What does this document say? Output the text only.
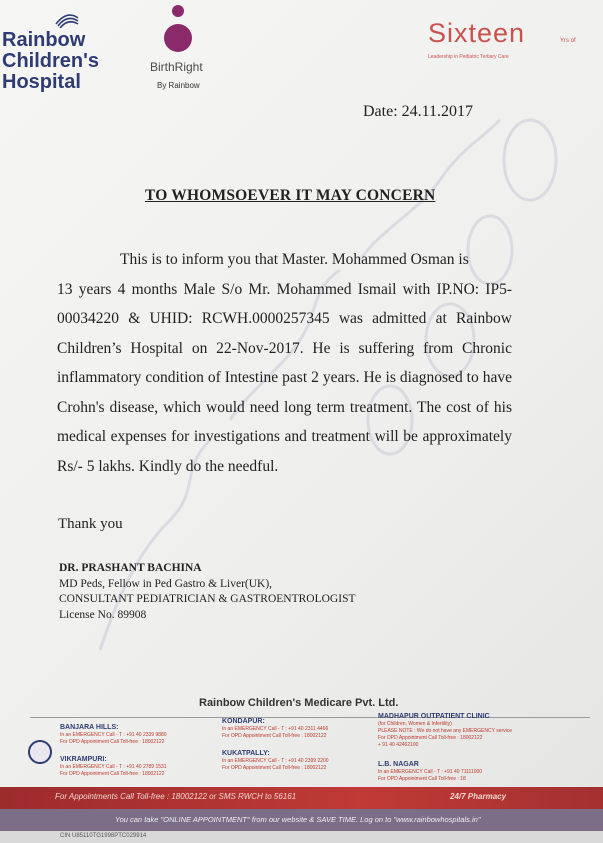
Rainbow
Children's
Hospital
BirthRight
By Rainbow
Sixteen	Yrs of
Leadership in Pediatric Tertiary Care
Date: 24.11.2017
TO WHOMSOEVER IT MAY CONCERN
This is to inform you that Master. Mohammed Osman is
13 years 4 months Male S/o Mr. Mohammed Ismail with IP.NO: IP5-00034220 & UHID: RCWH.0000257345 was admitted at Rainbow Children’s Hospital on 22-Nov-2017. He is suffering from Chronic inflammatory condition of Intestine past 2 years. He is diagnosed to have Crohn's disease, which would need long term treatment. The cost of his medical expenses for investigations and treatment will be approximately Rs/- 5 lakhs. Kindly do the needful.
Thank you
DR. PRASHANT BACHINA
MD Peds, Fellow in Ped Gastro & Liver(UK),
CONSULTANT PEDIATRICIAN & GASTROENTROLOGIST
License No. 89908
Rainbow Children's Medicare Pvt. Ltd.
BANJARA HILLS:
In an EMERGENCY Call - T : +91 40 2339 9880
For OPD Appointment Call Toll-free : 18002122
KONDAPUR:
In an EMERGENCY Call - T : +91 40 2311 4466
For OPD Appointment Call Toll-free : 18002122
MADHAPUR OUTPATIENT CLINIC
(for Children, Women & Infertility)
PLEASE NOTE : We do not have any EMERGENCY service
For OPD Appointment Call Toll-free : 18002122
+ 91 40 42462100
VIKRAMPURI:
In an EMERGENCY Call - T : +91 40 2789 1531
For OPD Appointment Call Toll-free : 18002122
KUKATPALLY:
In an EMERGENCY Call - T : +91 40 2399 2200
For OPD Appointment Call Toll-free : 18002122	L.B. NAGAR
In an EMERGENCY Call - T : +91 40 71111000
For OPD Appointment Call Toll-free : 18
For Appointments Call Toll-free : 18002122 or SMS RWCH to 56161	24/7 Pharmacy
You can take "ONLINE APPOINTMENT" from our website & SAVE TIME. Log on to "www.rainbowhospitals.in"
CIN U85110TG1998PTC029914
